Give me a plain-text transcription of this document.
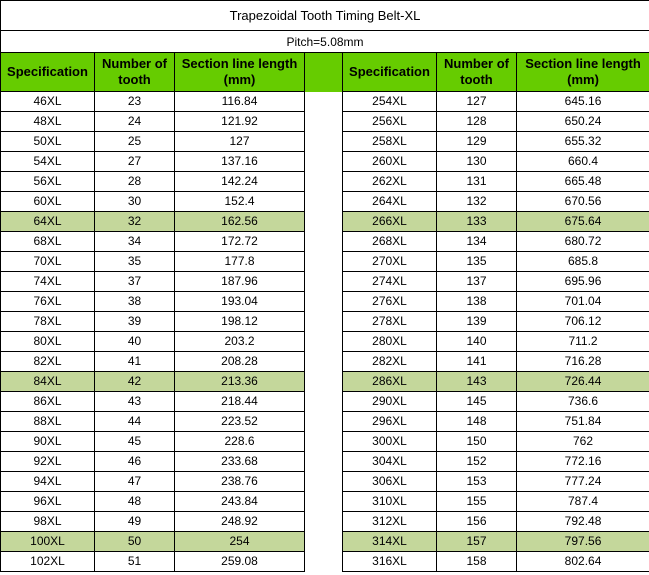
Trapezoidal Tooth Timing Belt-XL						
Pitch=5.08mm						
Specification	Number of tooth	Section line length (mm)		Specification	Number of tooth	Section line length (mm)
46XL	23	116.84		254XL	127	645.16
48XL	24	121.92		256XL	128	650.24
50XL	25	127		258XL	129	655.32
54XL	27	137.16		260XL	130	660.4
56XL	28	142.24		262XL	131	665.48
60XL	30	152.4		264XL	132	670.56
64XL	32	162.56		266XL	133	675.64
68XL	34	172.72		268XL	134	680.72
70XL	35	177.8		270XL	135	685.8
74XL	37	187.96		274XL	137	695.96
76XL	38	193.04		276XL	138	701.04
78XL	39	198.12		278XL	139	706.12
80XL	40	203.2		280XL	140	711.2
82XL	41	208.28		282XL	141	716.28
84XL	42	213.36		286XL	143	726.44
86XL	43	218.44		290XL	145	736.6
88XL	44	223.52		296XL	148	751.84
90XL	45	228.6		300XL	150	762
92XL	46	233.68		304XL	152	772.16
94XL	47	238.76		306XL	153	777.24
96XL	48	243.84		310XL	155	787.4
98XL	49	248.92		312XL	156	792.48
100XL	50	254		314XL	157	797.56
102XL	51	259.08		316XL	158	802.64
